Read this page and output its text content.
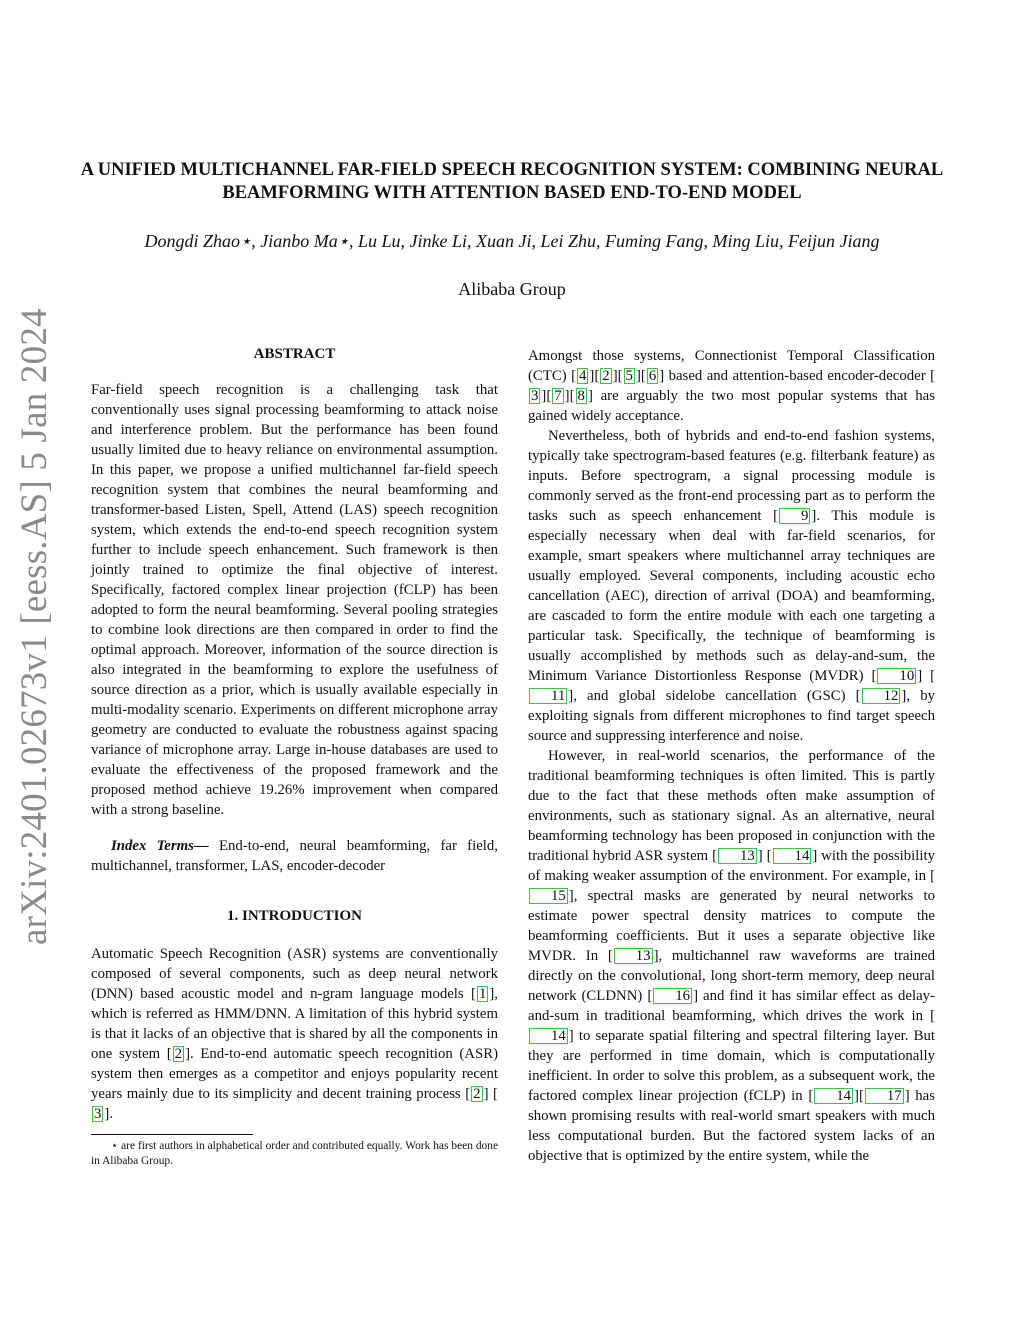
arXiv:2401.02673v1 [eess.AS] 5 Jan 2024
A UNIFIED MULTICHANNEL FAR-FIELD SPEECH RECOGNITION SYSTEM: COMBINING NEURAL BEAMFORMING WITH ATTENTION BASED END-TO-END MODEL
Dongdi Zhao⋆, Jianbo Ma⋆, Lu Lu, Jinke Li, Xuan Ji, Lei Zhu, Fuming Fang, Ming Liu, Feijun Jiang
Alibaba Group
ABSTRACT

Far-field speech recognition is a challenging task that conventionally uses signal processing beamforming to attack noise and interference problem. But the performance has been found usually limited due to heavy reliance on environmental assumption. In this paper, we propose a unified multichannel far-field speech recognition system that combines the neural beamforming and transformer-based Listen, Spell, Attend (LAS) speech recognition system, which extends the end-to-end speech recognition system further to include speech enhancement. Such framework is then jointly trained to optimize the final objective of interest. Specifically, factored complex linear projection (fCLP) has been adopted to form the neural beamforming. Several pooling strategies to combine look directions are then compared in order to find the optimal approach. Moreover, information of the source direction is also integrated in the beamforming to explore the usefulness of source direction as a prior, which is usually available especially in multi-modality scenario. Experiments on different microphone array geometry are conducted to evaluate the robustness against spacing variance of microphone array. Large in-house databases are used to evaluate the effectiveness of the proposed framework and the proposed method achieve 19.26% improvement when compared with a strong baseline.

Index Terms— End-to-end, neural beamforming, far field, multichannel, transformer, LAS, encoder-decoder

1. INTRODUCTION

Automatic Speech Recognition (ASR) systems are conventionally composed of several components, such as deep neural network (DNN) based acoustic model and n-gram language models [ 1 ], which is referred as HMM/DNN. A limitation of this hybrid system is that it lacks of an objective that is shared by all the components in one system [ 2 ]. End-to-end automatic speech recognition (ASR) system then emerges as a competitor and enjoys popularity recent years mainly due to its simplicity and decent training process [ 2 ] [3 ].

⋆ are first authors in alphabetical order and contributed equally. Work has been done in Alibaba Group.

Amongst those systems, Connectionist Temporal Classification (CTC) [ 4 ][ 2 ][ 5 ][ 6 ] based and attention-based encoder-decoder [3 ][ 7 ][ 8 ] are arguably the two most popular systems that has gained widely acceptance.

Nevertheless, both of hybrids and end-to-end fashion systems, typically take spectrogram-based features (e.g. filterbank feature) as inputs. Before spectrogram, a signal processing module is commonly served as the front-end processing part as to perform the tasks such as speech enhancement [ 9 ]. This module is especially necessary when deal with far-field scenarios, for example, smart speakers where multichannel array techniques are usually employed. Several components, including acoustic echo cancellation (AEC), direction of arrival (DOA) and beamforming, are cascaded to form the entire module with each one targeting a particular task. Specifically, the technique of beamforming is usually accomplished by methods such as delay-and-sum, the Minimum Variance Distortionless Response (MVDR) [ 10 ] [11 ], and global sidelobe cancellation (GSC) [ 12 ], by exploiting signals from different microphones to find target speech source and suppressing interference and noise.

However, in real-world scenarios, the performance of the traditional beamforming techniques is often limited. This is partly due to the fact that these methods often make assumption of environments, such as stationary signal. As an alternative, neural beamforming technology has been proposed in conjunction with the traditional hybrid ASR system [ 13 ] [ 14 ] with the possibility of making weaker assumption of the environment. For example, in [15 ], spectral masks are generated by neural networks to estimate power spectral density matrices to compute the beamforming coefficients. But it uses a separate objective like MVDR. In [ 13 ], multichannel raw waveforms are trained directly on the convolutional, long short-term memory, deep neural network (CLDNN) [ 16 ] and find it has similar effect as delay-and-sum in traditional beamforming, which drives the work in [14 ] to separate spatial filtering and spectral filtering layer. But they are performed in time domain, which is computationally inefficient. In order to solve this problem, as a subsequent work, the factored complex linear projection (fCLP) in [ 14 ][ 17 ] has shown promising results with real-world smart speakers with much less computational burden. But the factored system lacks of an objective that is optimized by the entire system, while the
